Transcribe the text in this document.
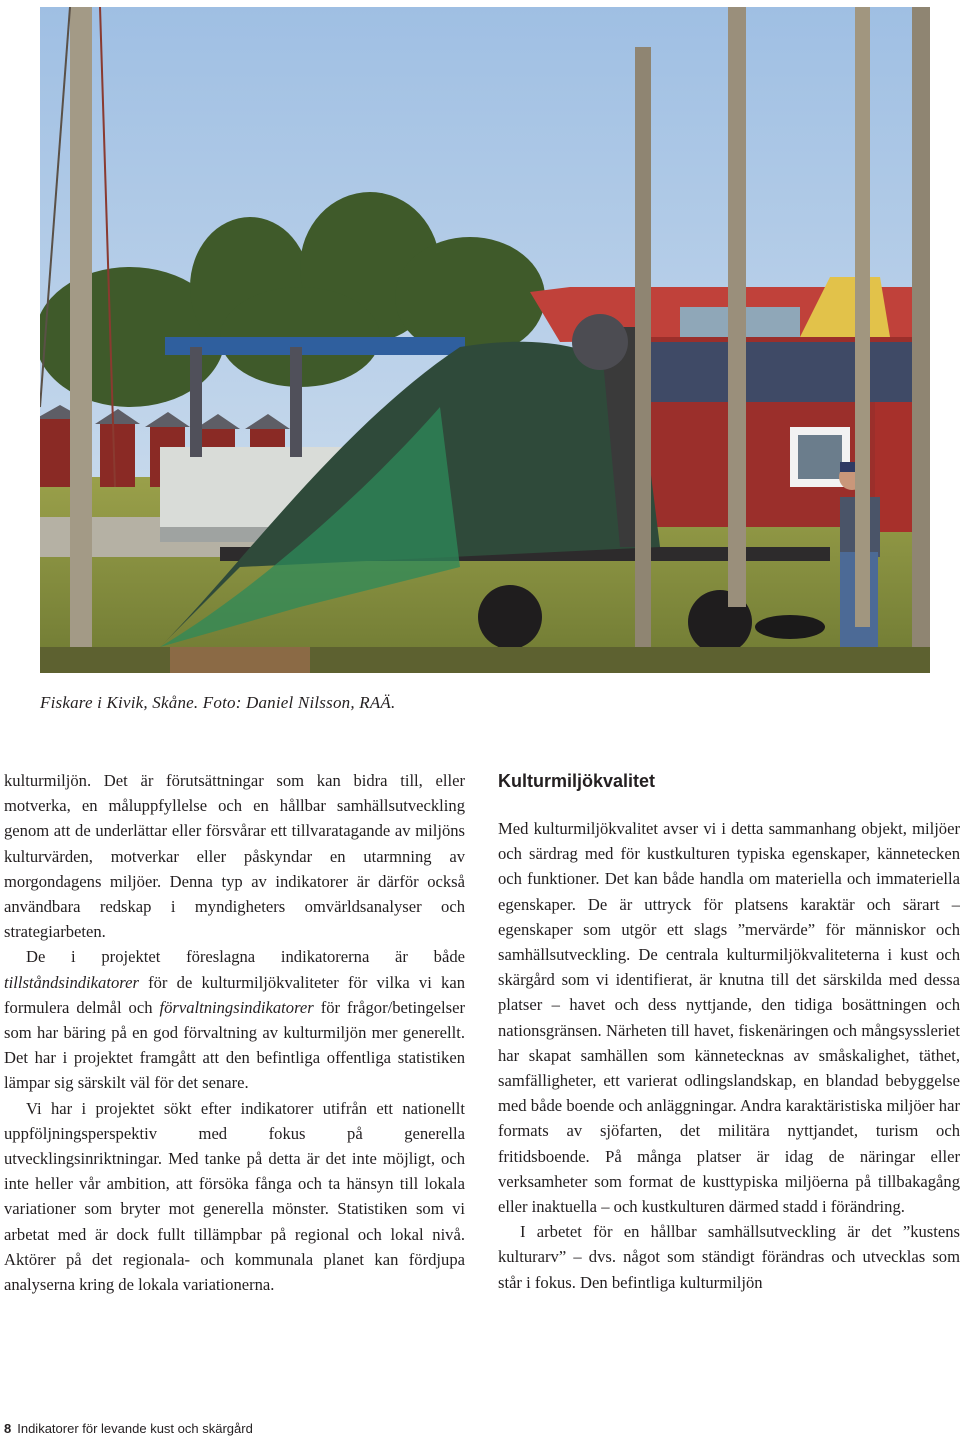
Fiskare i Kivik, Skåne. Foto: Daniel Nilsson, RAÄ.

kulturmiljön. Det är förutsättningar som kan bidra till, eller motverka, en måluppfyllelse och en hållbar samhällsutveckling genom att de underlättar eller försvårar ett tillvaratagande av miljöns kulturvärden, motverkar eller påskyndar en utarmning av morgondagens miljöer. Denna typ av indikatorer är därför också användbara redskap i myndigheters omvärldsanalyser och strategiarbeten.

De i projektet föreslagna indikatorerna är både tillståndsindikatorer för de kulturmiljökvaliteter för vilka vi kan formulera delmål och förvaltningsindikatorer för frågor/betingelser som har bäring på en god förvaltning av kulturmiljön mer generellt. Det har i projektet framgått att den befintliga offentliga statistiken lämpar sig särskilt väl för det senare.

Vi har i projektet sökt efter indikatorer utifrån ett nationellt uppföljningsperspektiv med fokus på generella utvecklingsinriktningar. Med tanke på detta är det inte möjligt, och inte heller vår ambition, att försöka fånga och ta hänsyn till lokala variationer som bryter mot generella mönster. Statistiken som vi arbetat med är dock fullt tillämpbar på regional och lokal nivå. Aktörer på det regionala- och kommunala planet kan fördjupa analyserna kring de lokala variationerna.

Kulturmiljökvalitet

Med kulturmiljökvalitet avser vi i detta sammanhang objekt, miljöer och särdrag med för kustkulturen typiska egenskaper, kännetecken och funktioner. Det kan både handla om materiella och immateriella egenskaper. De är uttryck för platsens karaktär och särart – egenskaper som utgör ett slags ”mervärde” för människor och samhällsutveckling. De centrala kulturmiljökvaliteterna i kust och skärgård som vi identifierat, är knutna till det särskilda med dessa platser – havet och dess nyttjande, den tidiga bosättningen och nationsgränsen. Närheten till havet, fiskenäringen och mångsyssleriet har skapat samhällen som kännetecknas av småskalighet, täthet, samfälligheter, ett varierat odlingslandskap, en blandad bebyggelse med både boende och anläggningar. Andra karaktäristiska miljöer har formats av sjöfarten, det militära nyttjandet, turism och fritidsboende. På många platser är idag de näringar eller verksamheter som format de kusttypiska miljöerna på tillbakagång eller inaktuella – och kustkulturen därmed stadd i förändring.

I arbetet för en hållbar samhällsutveckling är det ”kustens kulturarv” – dvs. något som ständigt förändras och utvecklas som står i fokus. Den befintliga kulturmiljön

8 Indikatorer för levande kust och skärgård
